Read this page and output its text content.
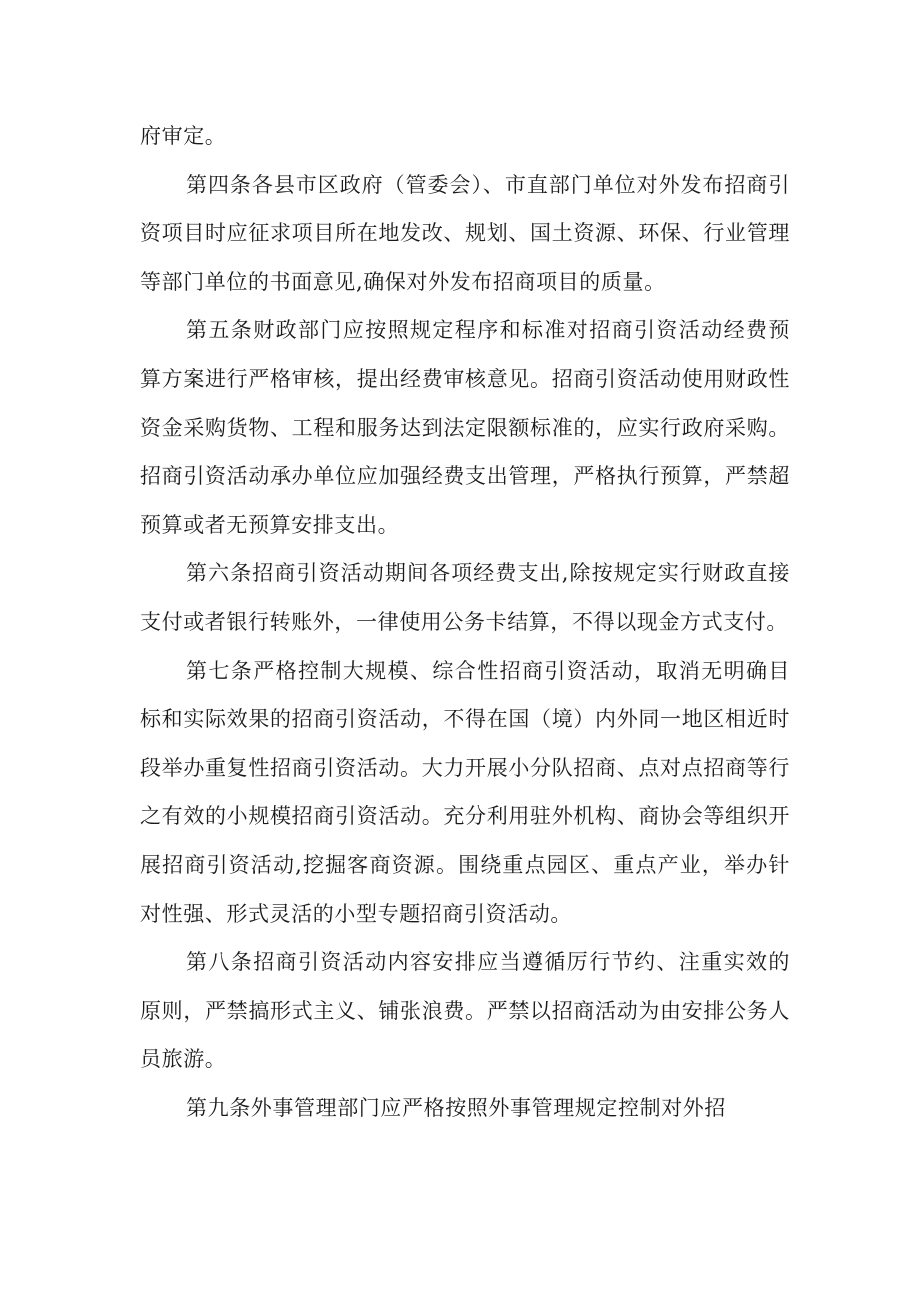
府审定。

第四条各县市区政府（管委会）、市直部门单位对外发布招商引资项目时应征求项目所在地发改、规划、国土资源、环保、行业管理等部门单位的书面意见,确保对外发布招商项目的质量。

第五条财政部门应按照规定程序和标准对招商引资活动经费预算方案进行严格审核，提出经费审核意见。招商引资活动使用财政性资金采购货物、工程和服务达到法定限额标准的，应实行政府采购。招商引资活动承办单位应加强经费支出管理，严格执行预算，严禁超预算或者无预算安排支出。

第六条招商引资活动期间各项经费支出,除按规定实行财政直接支付或者银行转账外，一律使用公务卡结算，不得以现金方式支付。

第七条严格控制大规模、综合性招商引资活动，取消无明确目标和实际效果的招商引资活动，不得在国（境）内外同一地区相近时段举办重复性招商引资活动。大力开展小分队招商、点对点招商等行之有效的小规模招商引资活动。充分利用驻外机构、商协会等组织开展招商引资活动,挖掘客商资源。围绕重点园区、重点产业，举办针对性强、形式灵活的小型专题招商引资活动。

第八条招商引资活动内容安排应当遵循厉行节约、注重实效的原则，严禁搞形式主义、铺张浪费。严禁以招商活动为由安排公务人员旅游。

第九条外事管理部门应严格按照外事管理规定控制对外招
